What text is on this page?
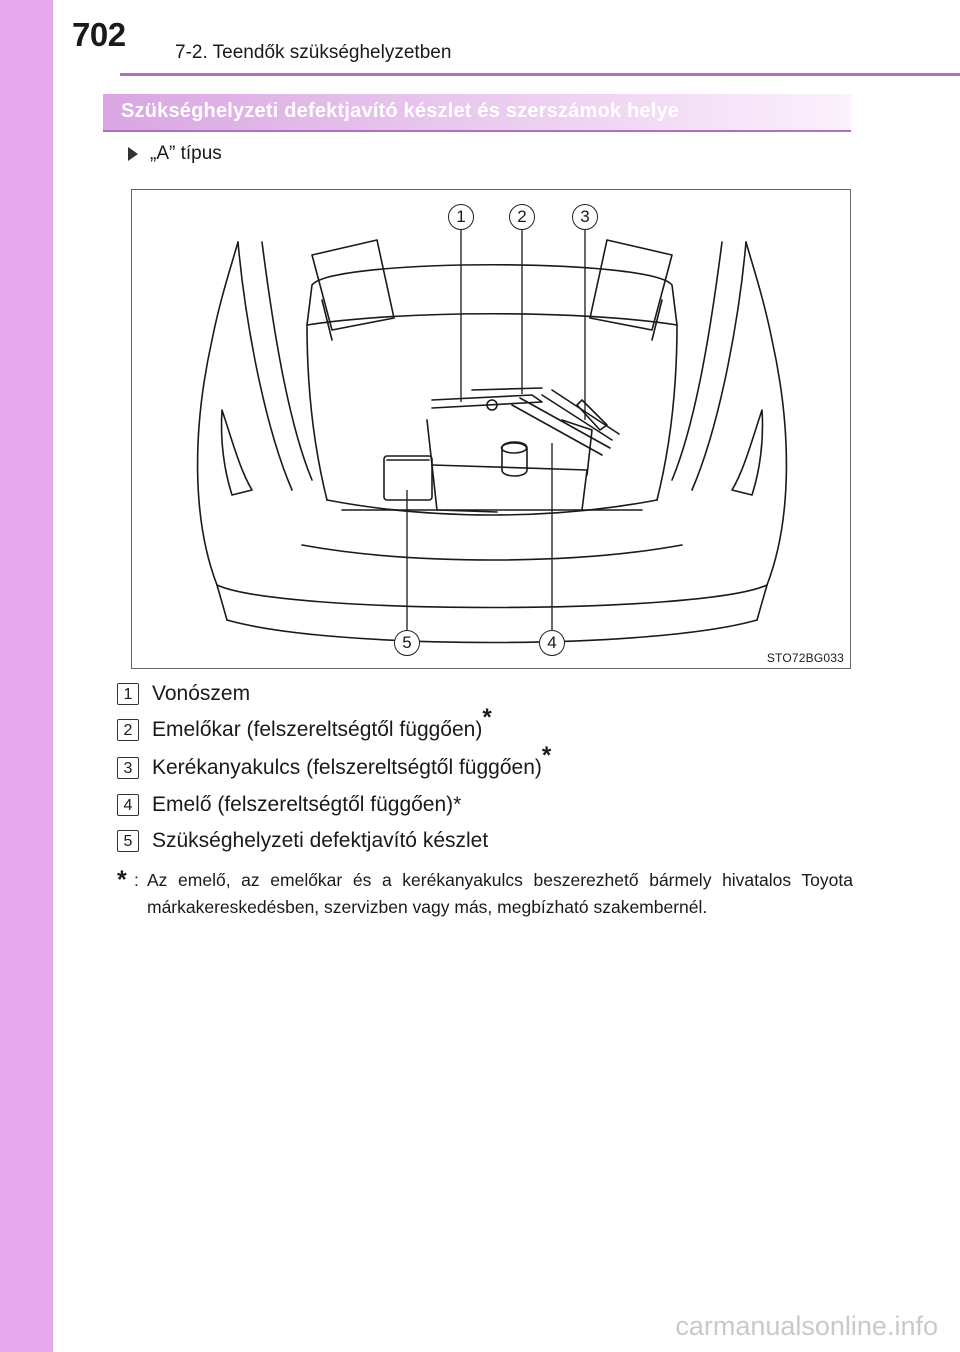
702	7-2. Teendők szükséghelyzetben
Szükséghelyzeti defektjavító készlet és szerszámok helye
„A” típus
1	2	3
4
5
STO72BG033
1 Vonószem
2 Emelőkar (felszereltségtől függően) *
3 Kerékanyakulcs (felszereltségtől függően) *
4 Emelő (felszereltségtől függően)*
5 Szükséghelyzeti defektjavító készlet
* : Az emelő, az emelőkar és a kerékanyakulcs beszerezhető bármely hivatalos Toyota márkakereskedésben, szervizben vagy más, megbízható szakembernél.
carmanualsonline.info
